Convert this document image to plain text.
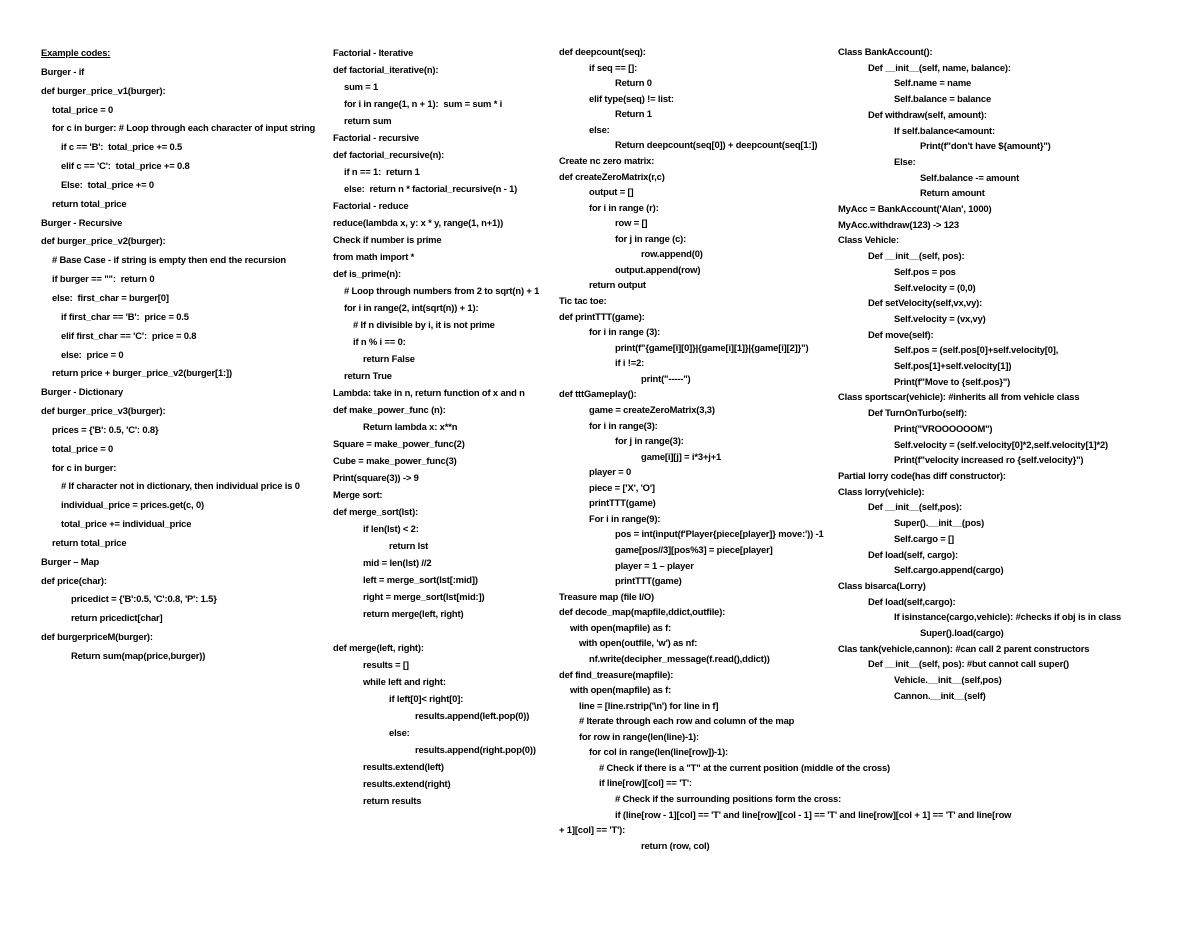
Example codes:
Burger - if
def burger_price_v1(burger):
total_price = 0
for c in burger: # Loop through each character of input string
if c == 'B':  total_price += 0.5
elif c == 'C':  total_price += 0.8
Else:  total_price += 0
return total_price
Burger - Recursive
def burger_price_v2(burger):
# Base Case - if string is empty then end the recursion
if burger == "":  return 0
else:  first_char = burger[0]
if first_char == 'B':  price = 0.5
elif first_char == 'C':  price = 0.8
else:  price = 0
return price + burger_price_v2(burger[1:])
Burger - Dictionary
def burger_price_v3(burger):
prices = {'B': 0.5, 'C': 0.8}
total_price = 0
for c in burger:
# If character not in dictionary, then individual price is 0
individual_price = prices.get(c, 0)
total_price += individual_price
return total_price
Burger – Map
def price(char):
pricedict = {'B':0.5, 'C':0.8, 'P': 1.5}
return pricedict[char]
def burgerpriceM(burger):
Return sum(map(price,burger))
Factorial - Iterative
def factorial_iterative(n):
sum = 1
for i in range(1, n + 1):  sum = sum * i
return sum
Factorial - recursive
def factorial_recursive(n):
if n == 1:  return 1
else:  return n * factorial_recursive(n - 1)
Factorial - reduce
reduce(lambda x, y: x * y, range(1, n+1))
Check if number is prime
from math import *
def is_prime(n):
# Loop through numbers from 2 to sqrt(n) + 1
for i in range(2, int(sqrt(n)) + 1):
# If n divisible by i, it is not prime
if n % i == 0:
return False
return True
Lambda: take in n, return function of x and n
def make_power_func (n):
Return lambda x: x**n
Square = make_power_func(2)
Cube = make_power_func(3)
Print(square(3)) -> 9
Merge sort:
def merge_sort(lst):
if len(lst) < 2:
return lst
mid = len(lst) //2
left = merge_sort(lst[:mid])
right = merge_sort(lst[mid:])
return merge(left, right)
def merge(left, right):
results = []
while left and right:
if left[0]< right[0]:
results.append(left.pop(0))
else:
results.append(right.pop(0))
results.extend(left)
results.extend(right)
return results
def deepcount(seq):
if seq == []:
Return 0
elif type(seq) != list:
Return 1
else:
Return deepcount(seq[0]) + deepcount(seq[1:])
Create nc zero matrix:
def createZeroMatrix(r,c)
output = []
for i in range (r):
row = []
for j in range (c):
row.append(0)
output.append(row)
return output
Tic tac toe:
def printTTT(game):
for i in range (3):
print(f"{game[i][0]}|{game[i][1]}|{game[i][2]}")
if i !=2:
print("-----")
def tttGameplay():
game = createZeroMatrix(3,3)
for i in range(3):
for j in range(3):
game[i][j] = i*3+j+1
player = 0
piece = ['X', 'O']
printTTT(game)
For i in range(9):
pos = int(input(f'Player{piece[player]} move:')) -1
game[pos//3][pos%3] = piece[player]
player = 1 – player
printTTT(game)
Treasure map (file I/O)
def decode_map(mapfile,ddict,outfile):
with open(mapfile) as f:
with open(outfile, 'w') as nf:
nf.write(decipher_message(f.read(),ddict))
def find_treasure(mapfile):
with open(mapfile) as f:
line = [line.rstrip('\n') for line in f]
# Iterate through each row and column of the map
for row in range(len(line)-1):
for col in range(len(line[row])-1):
# Check if there is a "T" at the current position (middle of the cross)
if line[row][col] == 'T':
# Check if the surrounding positions form the cross:
if (line[row - 1][col] == 'T' and line[row][col - 1] == 'T' and line[row][col + 1] == 'T' and line[row
+ 1][col] == 'T'):
return (row, col)
Class BankAccount():
Def __init__(self, name, balance):
Self.name = name
Self.balance = balance
Def withdraw(self, amount):
If self.balance<amount:
Print(f"don't have ${amount}")
Else:
Self.balance -= amount
Return amount
MyAcc = BankAccount('Alan', 1000)
MyAcc.withdraw(123) -> 123
Class Vehicle:
Def __init__(self, pos):
Self.pos = pos
Self.velocity = (0,0)
Def setVelocity(self,vx,vy):
Self.velocity = (vx,vy)
Def move(self):
Self.pos = (self.pos[0]+self.velocity[0],
Self.pos[1]+self.velocity[1])
Print(f"Move to {self.pos}")
Class sportscar(vehicle): #inherits all from vehicle class
Def TurnOnTurbo(self):
Print("VROOOOOOM")
Self.velocity = (self.velocity[0]*2,self.velocity[1]*2)
Print(f"velocity increased ro {self.velocity}")
Partial lorry code(has diff constructor):
Class lorry(vehicle):
Def __init__(self,pos):
Super().__init__(pos)
Self.cargo = []
Def load(self, cargo):
Self.cargo.append(cargo)
Class bisarca(Lorry)
Def load(self,cargo):
If isinstance(cargo,vehicle): #checks if obj is in class
Super().load(cargo)
Clas tank(vehicle,cannon): #can call 2 parent constructors
Def __init__(self, pos): #but cannot call super()
Vehicle.__init__(self,pos)
Cannon.__init__(self)
